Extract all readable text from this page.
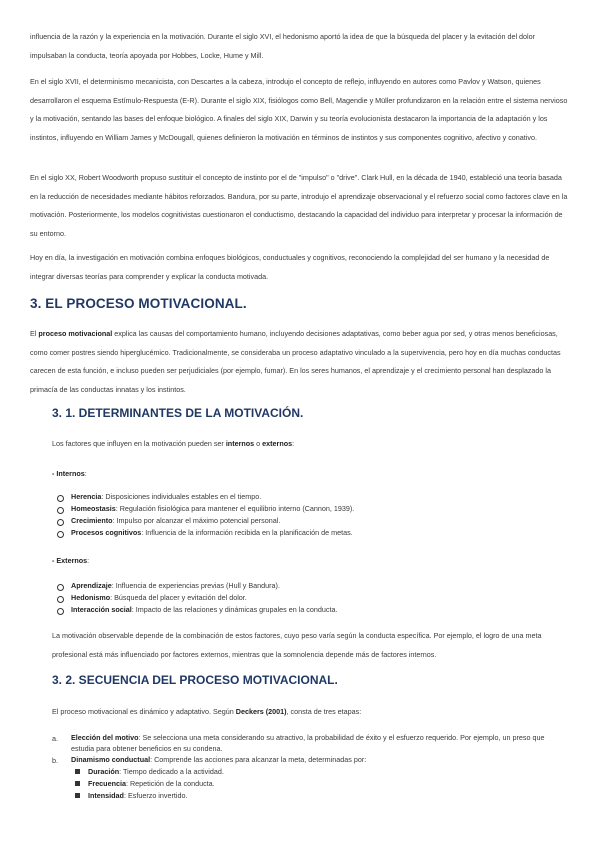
influencia de la razón y la experiencia en la motivación. Durante el siglo XVI, el hedonismo aportó la idea de que la búsqueda del placer y la evitación del dolor impulsaban la conducta, teoría apoyada por Hobbes, Locke, Hume y Mill.

En el siglo XVII, el determinismo mecanicista, con Descartes a la cabeza, introdujo el concepto de reflejo, influyendo en autores como Pavlov y Watson, quienes desarrollaron el esquema Estímulo-Respuesta (E-R). Durante el siglo XIX, fisiólogos como Bell, Magendie y Müller profundizaron en la relación entre el sistema nervioso y la motivación, sentando las bases del enfoque biológico. A finales del siglo XIX, Darwin y su teoría evolucionista destacaron la importancia de la adaptación y los instintos, influyendo en William James y McDougall, quienes definieron la motivación en términos de instintos y sus componentes cognitivo, afectivo y conativo.

En el siglo XX, Robert Woodworth propuso sustituir el concepto de instinto por el de "impulso" o "drive". Clark Hull, en la década de 1940, estableció una teoría basada en la reducción de necesidades mediante hábitos reforzados. Bandura, por su parte, introdujo el aprendizaje observacional y el refuerzo social como factores clave en la motivación. Posteriormente, los modelos cognitivistas cuestionaron el conductismo, destacando la capacidad del individuo para interpretar y procesar la información de su entorno.

Hoy en día, la investigación en motivación combina enfoques biológicos, conductuales y cognitivos, reconociendo la complejidad del ser humano y la necesidad de integrar diversas teorías para comprender y explicar la conducta motivada.

3. EL PROCESO MOTIVACIONAL.

El proceso motivacional explica las causas del comportamiento humano, incluyendo decisiones adaptativas, como beber agua por sed, y otras menos beneficiosas, como comer postres siendo hiperglucémico. Tradicionalmente, se consideraba un proceso adaptativo vinculado a la supervivencia, pero hoy en día muchas conductas carecen de esta función, e incluso pueden ser perjudiciales (por ejemplo, fumar). En los seres humanos, el aprendizaje y el crecimiento personal han desplazado la primacía de las conductas innatas y los instintos.

3. 1. DETERMINANTES DE LA MOTIVACIÓN.

Los factores que influyen en la motivación pueden ser internos o externos:

- Internos:

Herencia: Disposiciones individuales estables en el tiempo.
Homeostasis: Regulación fisiológica para mantener el equilibrio interno (Cannon, 1939).
Crecimiento: Impulso por alcanzar el máximo potencial personal.
Procesos cognitivos: Influencia de la información recibida en la planificación de metas.

- Externos:

Aprendizaje: Influencia de experiencias previas (Hull y Bandura).
Hedonismo: Búsqueda del placer y evitación del dolor.
Interacción social: Impacto de las relaciones y dinámicas grupales en la conducta.

La motivación observable depende de la combinación de estos factores, cuyo peso varía según la conducta específica. Por ejemplo, el logro de una meta profesional está más influenciado por factores externos, mientras que la somnolencia depende más de factores internos.

3. 2. SECUENCIA DEL PROCESO MOTIVACIONAL.

El proceso motivacional es dinámico y adaptativo. Según Deckers (2001), consta de tres etapas:

a. Elección del motivo: Se selecciona una meta considerando su atractivo, la probabilidad de éxito y el esfuerzo requerido. Por ejemplo, un preso que estudia para obtener beneficios en su condena.
b. Dinamismo conductual: Comprende las acciones para alcanzar la meta, determinadas por:
Duración: Tiempo dedicado a la actividad.
Frecuencia: Repetición de la conducta.
Intensidad: Esfuerzo invertido.
